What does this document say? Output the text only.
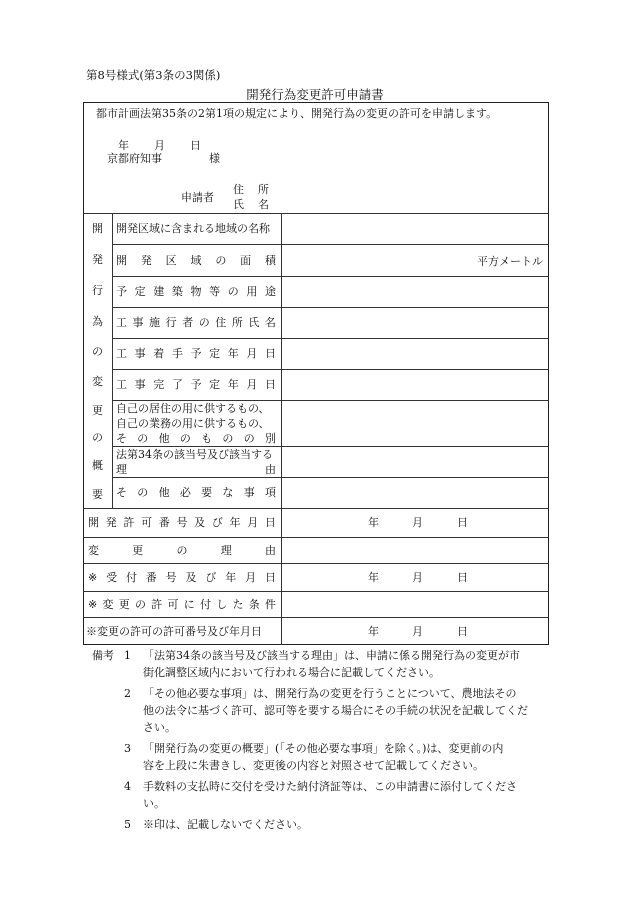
第8号様式(第3条の3関係)
開発行為変更許可申請書
都市計画法第35条の2第1項の規定により、開発行為の変更の許可を申請します。
年 月 日
京都府知事	様
申請者
住 所
氏 名
開
発
行
為
の
変
更
の
概
要
開発区域に含まれる地域の名称
開 発 区 域 の 面 積	平方メートル
予 定 建 築 物 等 の 用 途
工 事 施 行 者 の 住 所 氏 名
工 事 着 手 予 定 年 月 日
工 事 完 了 予 定 年 月 日
自己の居住の用に供するもの、
自己の業務の用に供するもの、
そ の 他 の も の の 別
法第34条の該当号及び該当する
理	由
そ の 他 必 要 な 事 項
開 発 許 可 番 号 及 び 年 月 日	年	月	日
変	更	の	理	由
※ 受 付 番 号 及 び 年 月 日	年	月	日
※ 変 更 の 許 可 に 付 し た 条 件
※変更の許可の許可番号及び年月日	年	月	日
備考 1 「法第34条の該当号及び該当する理由」は、申請に係る開発行為の変更が市
街化調整区域内において行われる場合に記載してください。
2 「その他必要な事項」は、開発行為の変更を行うことについて、農地法その
他の法令に基づく許可、認可等を要する場合にその手続の状況を記載してくだ
さい。
3 「開発行為の変更の概要」(「その他必要な事項」を除く。)は、変更前の内
容を上段に朱書きし、変更後の内容と対照させて記載してください。
4 手数料の支払時に交付を受けた納付済証等は、この申請書に添付してくださ
い。
5 ※印は、記載しないでください。
